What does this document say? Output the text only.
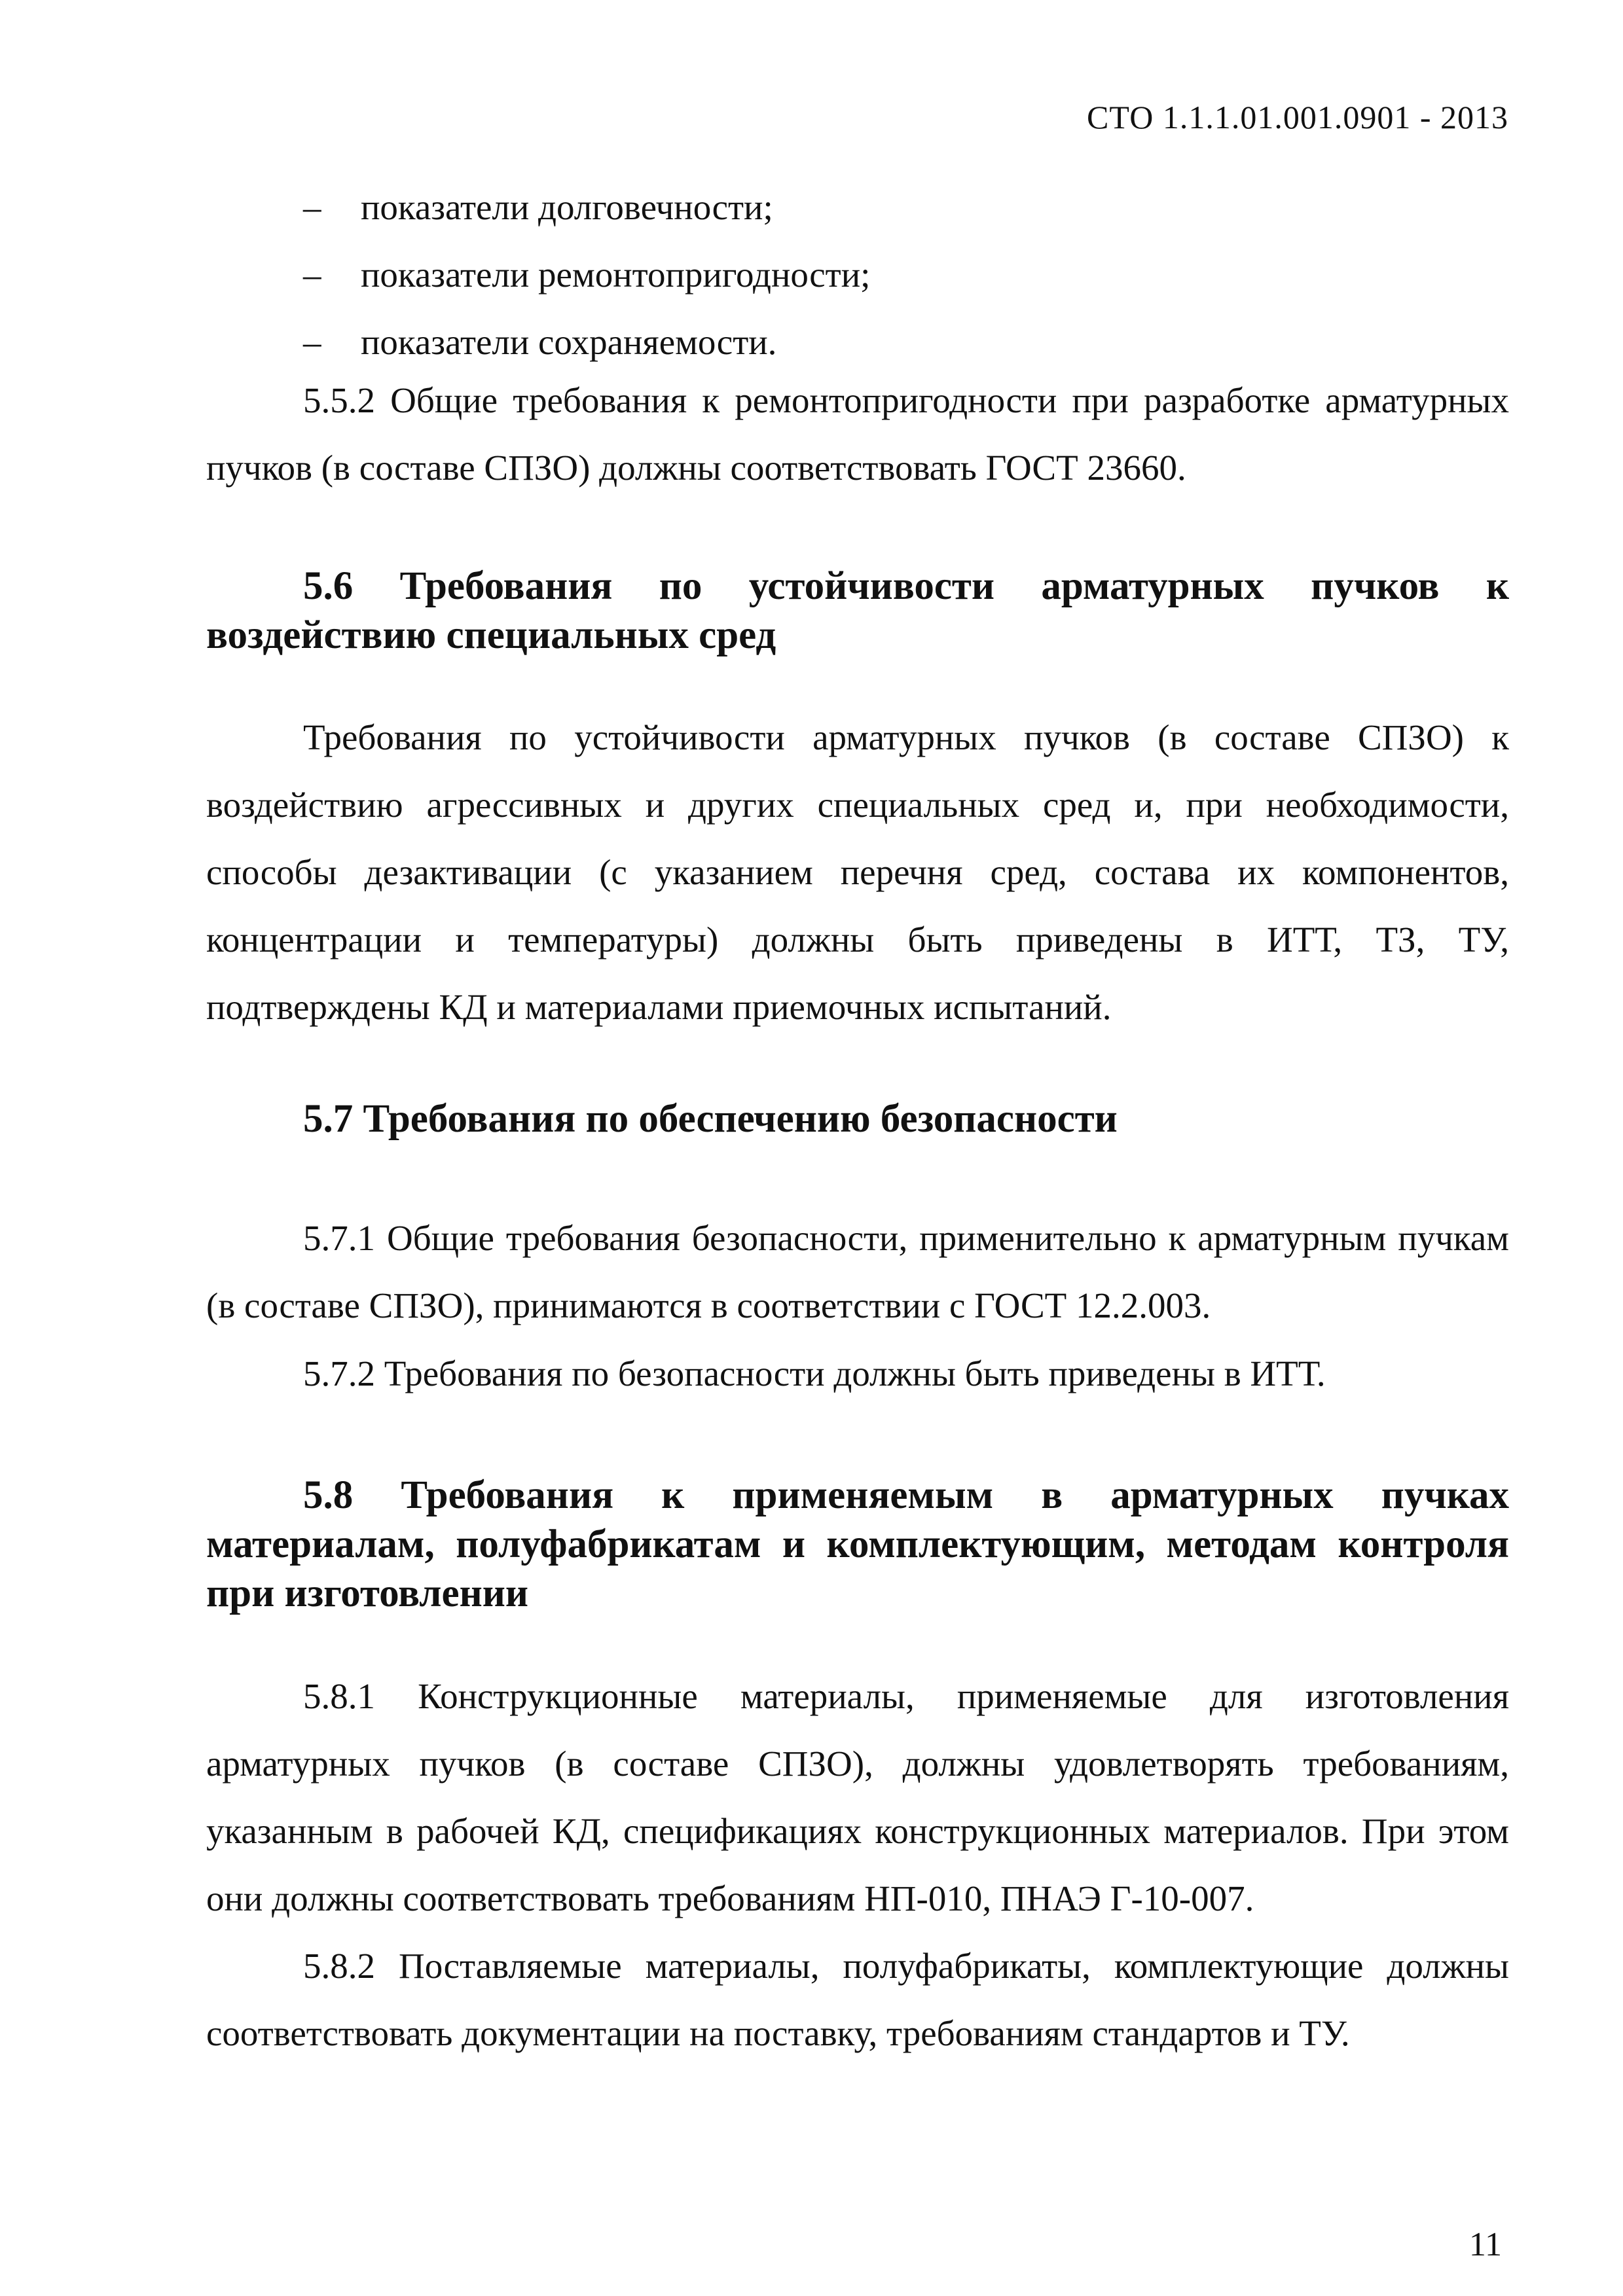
СТО 1.1.1.01.001.0901 - 2013
– показатели долговечности;
– показатели ремонтопригодности;
– показатели сохраняемости.

5.5.2 Общие требования к ремонтопригодности при разработке арматурных пучков (в составе СПЗО) должны соответствовать ГОСТ 23660.

5.6 Требования по устойчивости арматурных пучков к воздействию специальных сред

Требования по устойчивости арматурных пучков (в составе СПЗО) к воздействию агрессивных и других специальных сред и, при необходимости, способы дезактивации (с указанием перечня сред, состава их компонентов, концентрации и температуры) должны быть приведены в ИТТ, ТЗ, ТУ, подтверждены КД и материалами приемочных испытаний.

5.7 Требования по обеспечению безопасности

5.7.1 Общие требования безопасности, применительно к арматурным пучкам (в составе СПЗО), принимаются в соответствии с ГОСТ 12.2.003.

5.7.2 Требования по безопасности должны быть приведены в ИТТ.

5.8 Требования к применяемым в арматурных пучках материалам, полуфабрикатам и комплектующим, методам контроля при изготовлении

5.8.1 Конструкционные материалы, применяемые для изготовления арматурных пучков (в составе СПЗО), должны удовлетворять требованиям, указанным в рабочей КД, спецификациях конструкционных материалов. При этом они должны соответствовать требованиям НП-010, ПНАЭ Г-10-007.

5.8.2 Поставляемые материалы, полуфабрикаты, комплектующие должны соответствовать документации на поставку, требованиям стандартов и ТУ.

11
